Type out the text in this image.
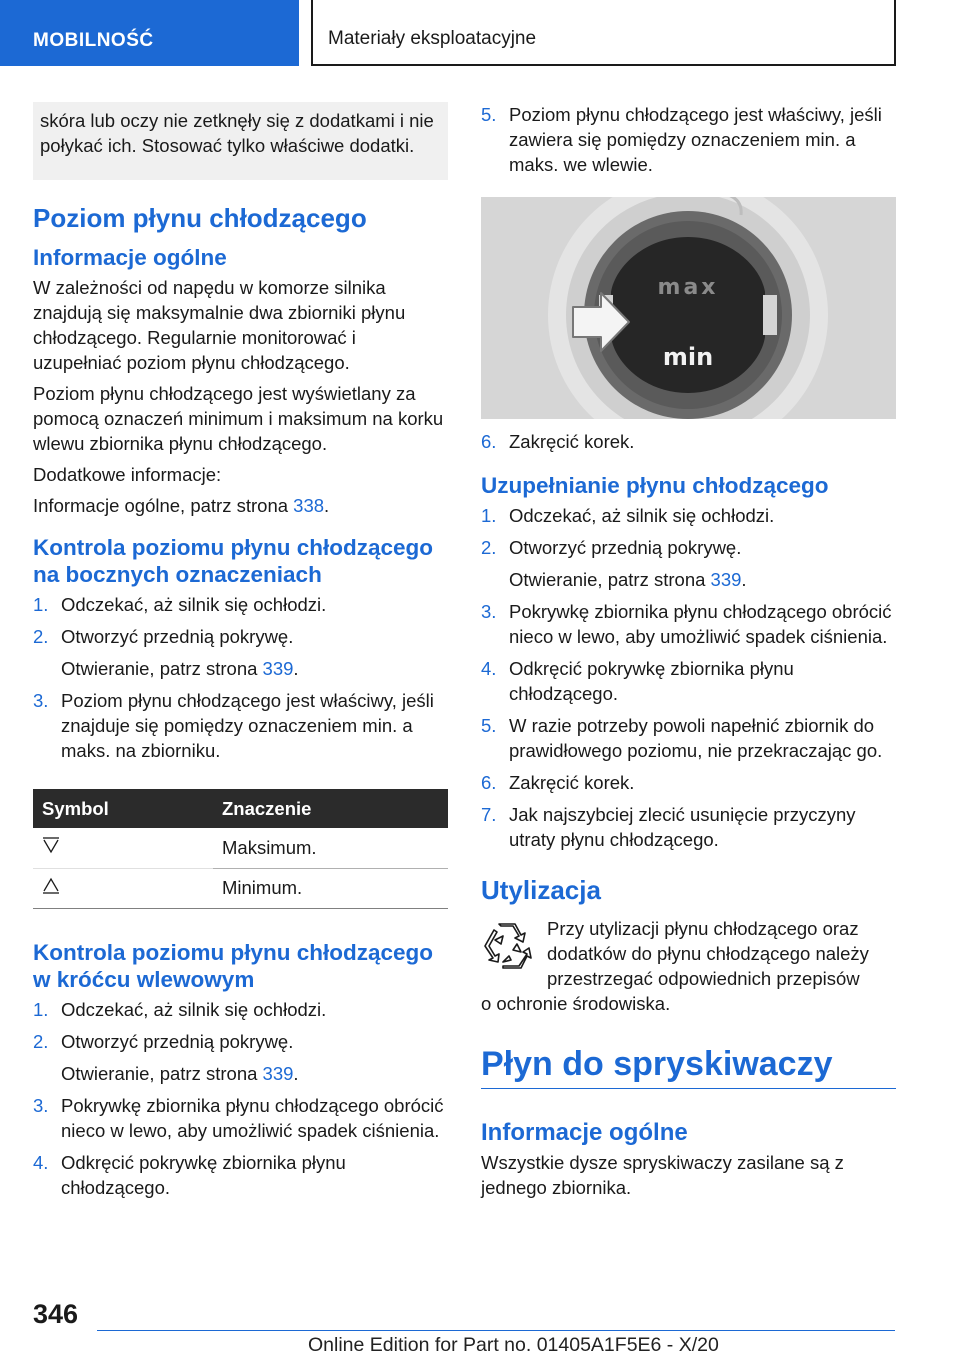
MOBILNOŚĆ	Materiały eksploatacyjne
skóra lub oczy nie zetknęły się z dodatkami i nie połykać ich. Stosować tylko właściwe dodatki.
Poziom płynu chłodzącego
Informacje ogólne

W zależności od napędu w komorze silnika znajdują się maksymalnie dwa zbiorniki płynu chłodzącego. Regularnie monitorować i uzupełniać poziom płynu chłodzącego.

Poziom płynu chłodzącego jest wyświetlany za pomocą oznaczeń minimum i maksimum na korku wlewu zbiornika płynu chłodzącego.

Dodatkowe informacje:

Informacje ogólne, patrz strona 338.

Kontrola poziomu płynu chłodzącego na bocznych oznaczeniach
1. Odczekać, aż silnik się ochłodzi.
2. Otworzyć przednią pokrywę.
Otwieranie, patrz strona 339.
3. Poziom płynu chłodzącego jest właściwy, jeśli znajduje się pomiędzy oznaczeniem min. a maks. na zbiorniku.
Symbol	Znaczenie
	Maksimum.
	Minimum.
Kontrola poziomu płynu chłodzącego w króćcu wlewowym
1. Odczekać, aż silnik się ochłodzi.
2. Otworzyć przednią pokrywę.
Otwieranie, patrz strona 339.
3. Pokrywkę zbiornika płynu chłodzącego obrócić nieco w lewo, aby umożliwić spadek ciśnienia.
4. Odkręcić pokrywkę zbiornika płynu chłodzącego.
5. Poziom płynu chłodzącego jest właściwy, jeśli zawiera się pomiędzy oznaczeniem min. a maks. we wlewie.
max
min
6. Zakręcić korek.
Uzupełnianie płynu chłodzącego
1. Odczekać, aż silnik się ochłodzi.
2. Otworzyć przednią pokrywę.
Otwieranie, patrz strona 339.
3. Pokrywkę zbiornika płynu chłodzącego obrócić nieco w lewo, aby umożliwić spadek ciśnienia.
4. Odkręcić pokrywkę zbiornika płynu chłodzącego.
5. W razie potrzeby powoli napełnić zbiornik do prawidłowego poziomu, nie przekraczając go.
6. Zakręcić korek.
7. Jak najszybciej zlecić usunięcie przyczyny utraty płynu chłodzącego.
Utylizacja
Przy utylizacji płynu chłodzącego oraz dodatków do płynu chłodzącego należy przestrzegać odpowiednich przepisów
o ochronie środowiska.
Płyn do spryskiwaczy
Informacje ogólne

Wszystkie dysze spryskiwaczy zasilane są z jednego zbiornika.

346
Online Edition for Part no. 01405A1F5E6 - X/20
